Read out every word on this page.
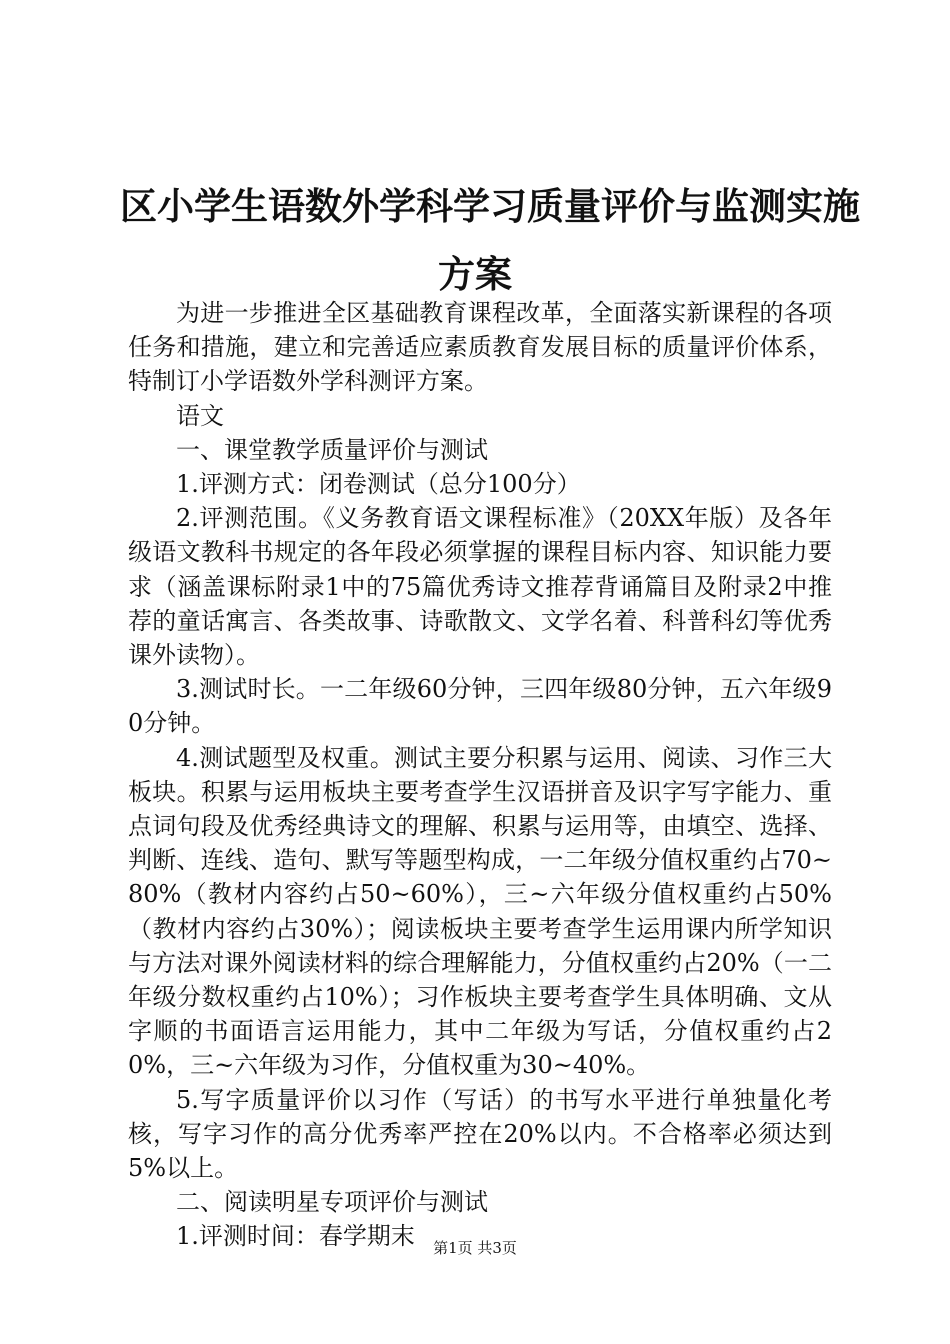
区小学生语数外学科学习质量评价与监测实施
方案

为进一步推进全区基础教育课程改革，全面落实新课程的各项任务和措施，建立和完善适应素质教育发展目标的质量评价体系，特制订小学语数外学科测评方案。

语文

一、课堂教学质量评价与测试

1.评测方式：闭卷测试（总分100分）

2.评测范围。《义务教育语文课程标准》（20XX年版）及各年级语文教科书规定的各年段必须掌握的课程目标内容、知识能力要求（涵盖课标附录1中的75篇优秀诗文推荐背诵篇目及附录2中推荐的童话寓言、各类故事、诗歌散文、文学名着、科普科幻等优秀课外读物）。

3.测试时长。一二年级60分钟，三四年级80分钟，五六年级90分钟。

4.测试题型及权重。测试主要分积累与运用、阅读、习作三大板块。积累与运用板块主要考查学生汉语拼音及识字写字能力、重点词句段及优秀经典诗文的理解、积累与运用等，由填空、选择、判断、连线、造句、默写等题型构成，一二年级分值权重约占70~80%（教材内容约占50~60%），三~六年级分值权重约占50%（教材内容约占30%）；阅读板块主要考查学生运用课内所学知识与方法对课外阅读材料的综合理解能力，分值权重约占20%（一二年级分数权重约占10%）；习作板块主要考查学生具体明确、文从字顺的书面语言运用能力，其中二年级为写话，分值权重约占20%，三~六年级为习作，分值权重为30~40%。

5.写字质量评价以习作（写话）的书写水平进行单独量化考核，写字习作的高分优秀率严控在20%以内。不合格率必须达到5%以上。

二、阅读明星专项评价与测试

1.评测时间：春学期末	第1页 共3页
